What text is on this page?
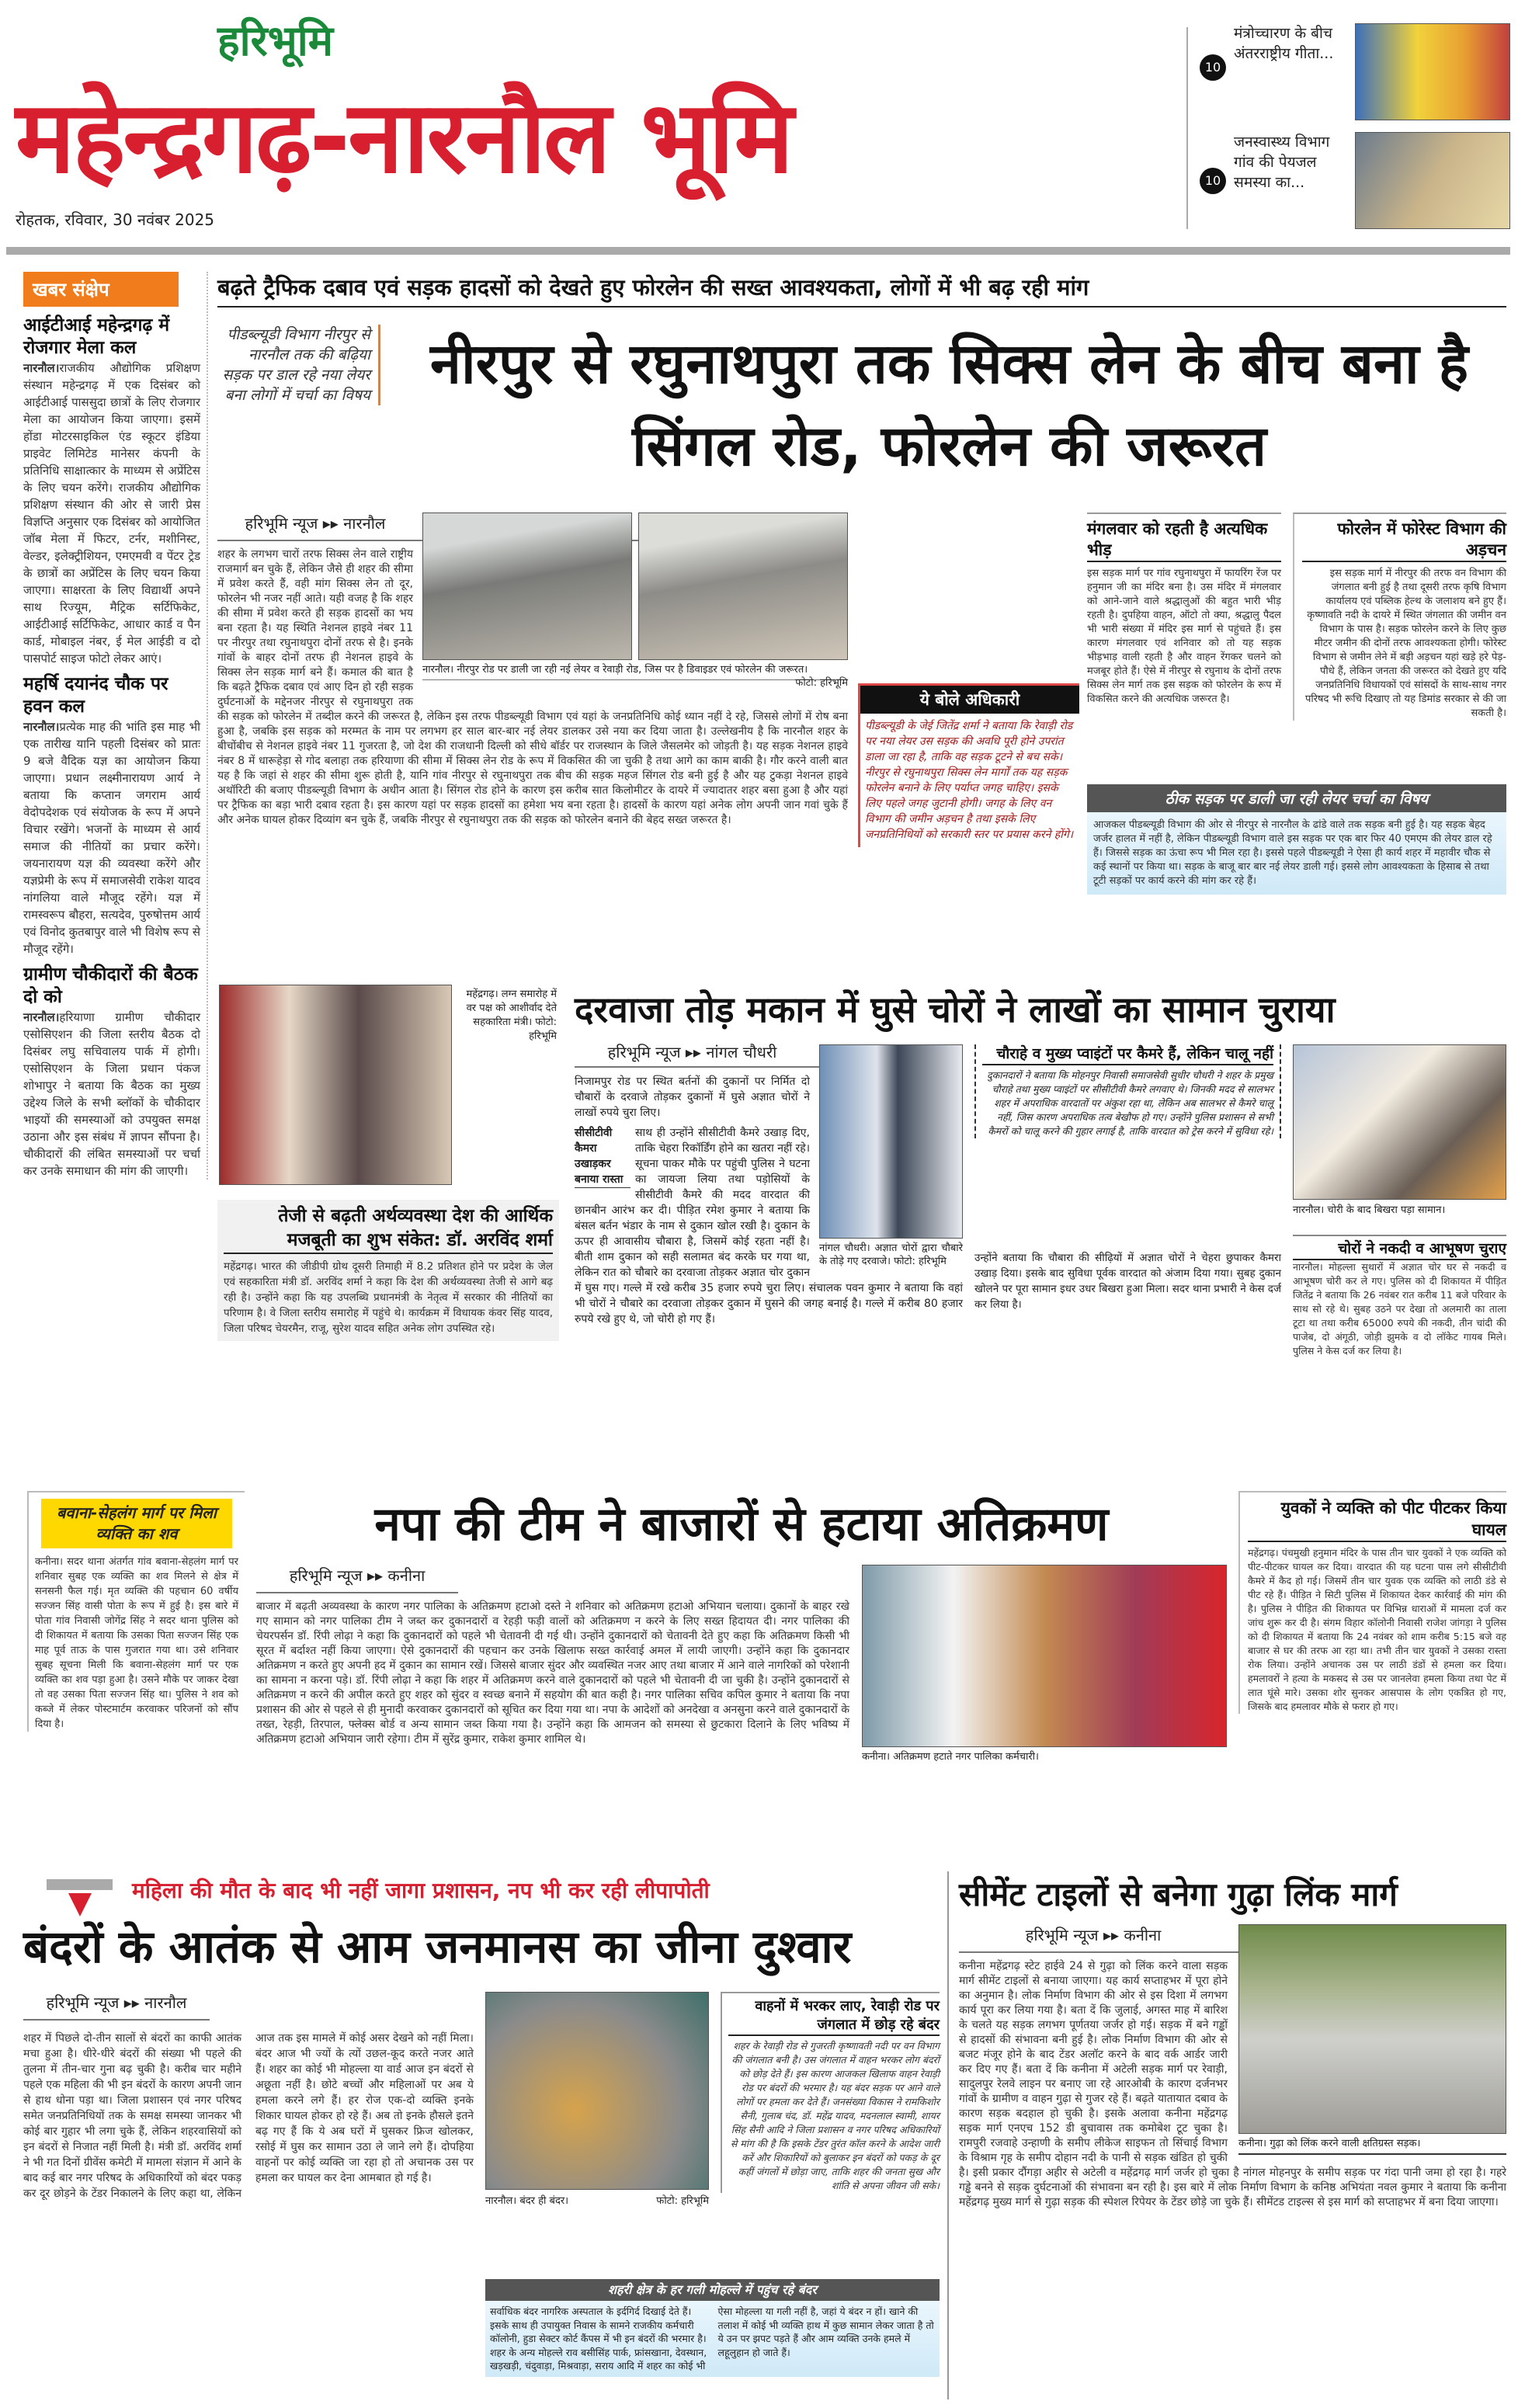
हरिभूमि
महेन्द्रगढ़-नारनौल भूमि
रोहतक, रविवार, 30 नवंबर 2025
10
मंत्रोच्चारण के बीच अंतरराष्ट्रीय गीता...
10
जनस्वास्थ्य विभाग गांव की पेयजल समस्या का...
खबर संक्षेप
आईटीआई महेन्द्रगढ़ में रोजगार मेला कल

नारनौल।राजकीय औद्योगिक प्रशिक्षण संस्थान महेन्द्रगढ़ में एक दिसंबर को आईटीआई पाससुदा छात्रों के लिए रोजगार मेला का आयोजन किया जाएगा। इसमें होंडा मोटरसाइकिल एंड स्कूटर इंडिया प्राइवेट लिमिटेड मानेसर कंपनी के प्रतिनिधि साक्षात्कार के माध्यम से अप्रेंटिस के लिए चयन करेंगे। राजकीय औद्योगिक प्रशिक्षण संस्थान की ओर से जारी प्रेस विज्ञप्ति अनुसार एक दिसंबर को आयोजित जॉब मेला में फिटर, टर्नर, मशीनिस्ट, वेल्डर, इलेक्ट्रीशियन, एमएमवी व पेंटर ट्रेड के छात्रों का अप्रेंटिस के लिए चयन किया जाएगा। साक्षरता के लिए विद्यार्थी अपने साथ रिज्यूम, मैट्रिक सर्टिफिकेट, आईटीआई सर्टिफिकेट, आधार कार्ड व पैन कार्ड, मोबाइल नंबर, ई मेल आईडी व दो पासपोर्ट साइज फोटो लेकर आएं।

महर्षि दयानंद चौक पर हवन कल

नारनौल।प्रत्येक माह की भांति इस माह भी एक तारीख यानि पहली दिसंबर को प्रातः 9 बजे वैदिक यज्ञ का आयोजन किया जाएगा। प्रधान लक्ष्मीनारायण आर्य ने बताया कि कप्तान जगराम आर्य वेदोपदेशक एवं संयोजक के रूप में अपने विचार रखेंगे। भजनों के माध्यम से आर्य समाज की नीतियों का प्रचार करेंगे। जयनारायण यज्ञ की व्यवस्था करेंगे और यज्ञप्रेमी के रूप में समाजसेवी राकेश यादव नांगलिया वाले मौजूद रहेंगे। यज्ञ में रामस्वरूप बौहरा, सत्यदेव, पुरुषोत्तम आर्य एवं विनोद कुतबापुर वाले भी विशेष रूप से मौजूद रहेंगे।

ग्रामीण चौकीदारों की बैठक दो को

नारनौल।हरियाणा ग्रामीण चौकीदार एसोसिएशन की जिला स्तरीय बैठक दो दिसंबर लघु सचिवालय पार्क में होगी। एसोसिएशन के जिला प्रधान पंकज शोभापुर ने बताया कि बैठक का मुख्य उद्देश्य जिले के सभी ब्लॉकों के चौकीदार भाइयों की समस्याओं को उपयुक्त समक्ष उठाना और इस संबंध में ज्ञापन सौंपना है। चौकीदारों की लंबित समस्याओं पर चर्चा कर उनके समाधान की मांग की जाएगी।

बढ़ते ट्रैफिक दबाव एवं सड़क हादसों को देखते हुए फोरलेन की सख्त आवश्यकता, लोगों में भी बढ़ रही मांग
पीडब्ल्यूडी विभाग नीरपुर से नारनौल तक की बढ़िया सड़क पर डाल रहे नया लेयर बना लोगों में चर्चा का विषय	नीरपुर से रघुनाथपुरा तक सिक्स लेन के बीच बना है सिंगल रोड, फोरलेन की जरूरत
नारनौल। नीरपुर रोड पर डाली जा रही नई लेयर व रेवाड़ी रोड, जिस पर है डिवाइडर एवं फोरलेन की जरूरत।
फोटो: हरिभूमि
हरिभूमि न्यूज ▸▸ नारनौल

शहर के लगभग चारों तरफ सिक्स लेन वाले राष्ट्रीय राजमार्ग बन चुके हैं, लेकिन जैसे ही शहर की सीमा में प्रवेश करते हैं, वही मांग सिक्स लेन तो दूर, फोरलेन भी नजर नहीं आते। यही वजह है कि शहर की सीमा में प्रवेश करते ही सड़क हादसों का भय बना रहता है। यह स्थिति नेशनल हाइवे नंबर 11 पर नीरपुर तथा रघुनाथपुरा दोनों तरफ से है। इनके गांवों के बाहर दोनों तरफ ही नेशनल हाइवे के सिक्स लेन सड़क मार्ग बने हैं। कमाल की बात है कि बढ़ते ट्रैफिक दबाव एवं आए दिन हो रही सड़क दुर्घटनाओं के मद्देनजर नीरपुर से रघुनाथपुरा तक की सड़क को फोरलेन में तब्दील करने की जरूरत है, लेकिन इस तरफ पीडब्ल्यूडी विभाग एवं यहां के जनप्रतिनिधि कोई ध्यान नहीं दे रहे, जिससे लोगों में रोष बना हुआ है, जबकि इस सड़क को मरम्मत के नाम पर लगभग हर साल बार-बार नई लेयर डालकर उसे नया कर दिया जाता है। उल्लेखनीय है कि नारनौल शहर के बीचोंबीच से नेशनल हाइवे नंबर 11 गुजरता है, जो देश की राजधानी दिल्ली को सीधे बॉर्डर पर राजस्थान के जिले जैसलमेर को जोड़ती है। यह सड़क नेशनल हाइवे नंबर 8 में धारूहेड़ा से गोद बलाहा तक हरियाणा की सीमा में सिक्स लेन रोड के रूप में विकसित की जा चुकी है तथा आगे का काम बाकी है। गौर करने वाली बात यह है कि जहां से शहर की सीमा शुरू होती है, यानि गांव नीरपुर से रघुनाथपुरा तक बीच की सड़क महज सिंगल रोड बनी हुई है और यह टुकड़ा नेशनल हाइवे अथॉरिटी की बजाए पीडब्ल्यूडी विभाग के अधीन आता है। सिंगल रोड होने के कारण इस करीब सात किलोमीटर के दायरे में ज्यादातर शहर बसा हुआ है और यहां पर ट्रैफिक का बड़ा भारी दबाव रहता है। इस कारण यहां पर सड़क हादसों का हमेशा भय बना रहता है। हादसों के कारण यहां अनेक लोग अपनी जान गवां चुके हैं और अनेक घायल होकर दिव्यांग बन चुके हैं, जबकि नीरपुर से रघुनाथपुरा तक की सड़क को फोरलेन बनाने की बेहद सख्त जरूरत है।

मंगलवार को रहती है अत्यधिक भीड़

इस सड़क मार्ग पर गांव रघुनाथपुरा में फायरिंग रेंज पर हनुमान जी का मंदिर बना है। उस मंदिर में मंगलवार को आने-जाने वाले श्रद्धालुओं की बहुत भारी भीड़ रहती है। दुपहिया वाहन, ऑटो तो क्या, श्रद्धालु पैदल भी भारी संख्या में मंदिर इस मार्ग से पहुंचते हैं। इस कारण मंगलवार एवं शनिवार को तो यह सड़क भीड़भाड़ वाली रहती है और वाहन रेंगकर चलने को मजबूर होते हैं। ऐसे में नीरपुर से रघुनाथ के दोनों तरफ सिक्स लेन मार्ग तक इस सड़क को फोरलेन के रूप में विकसित करने की अत्यधिक जरूरत है।

फोरलेन में फोरेस्ट विभाग की अड़चन

इस सड़क मार्ग में नीरपुर की तरफ वन विभाग की जंगलात बनी हुई है तथा दूसरी तरफ कृषि विभाग कार्यालय एवं पब्लिक हेल्थ के जलाशय बने हुए हैं। कृष्णावति नदी के दायरे में स्थित जंगलात की जमीन वन विभाग के पास है। सड़क फोरलेन करने के लिए कुछ मीटर जमीन की दोनों तरफ आवश्यकता होगी। फोरेस्ट विभाग से जमीन लेने में बड़ी अड़चन यहां खड़े हरे पेड़-पौधे हैं, लेकिन जनता की जरूरत को देखते हुए यदि जनप्रतिनिधि विधायकों एवं सांसदों के साथ-साथ नगर परिषद भी रूचि दिखाए तो यह डिमांड सरकार से की जा सकती है।

ये बोले अधिकारी

पीडब्ल्यूडी के जेई जितेंद्र शर्मा ने बताया कि रेवाड़ी रोड पर नया लेयर उस सड़क की अवधि पूरी होने उपरांत डाला जा रहा है, ताकि वह सड़क टूटने से बच सके। नीरपुर से रघुनाथपुरा सिक्स लेन मार्गों तक यह सड़क फोरलेन बनाने के लिए पर्याप्त जगह चाहिए। इसके लिए पहले जगह जुटानी होगी। जगह के लिए वन विभाग की जमीन अड़चन है तथा इसके लिए जनप्रतिनिधियों को सरकारी स्तर पर प्रयास करने होंगे।

ठीक सड़क पर डाली जा रही लेयर चर्चा का विषय

आजकल पीडब्ल्यूडी विभाग की ओर से नीरपुर से नारनौल के ढांडे वाले तक सड़क बनी हुई है। यह सड़क बेहद जर्जर हालत में नहीं है, लेकिन पीडब्ल्यूडी विभाग वाले इस सड़क पर एक बार फिर 40 एमएम की लेयर डाल रहे हैं। जिससे सड़क का ऊंचा रूप भी मिल रहा है। इससे पहले पीडब्ल्यूडी ने ऐसा ही कार्य शहर में महावीर चौक से कई स्थानों पर किया था। सड़क के बाजू बार बार नई लेयर डाली गई। इससे लोग आवश्यकता के हिसाब से तथा टूटी सड़कों पर कार्य करने की मांग कर रहे हैं।

महेंद्रगढ़। लग्न समारोह में वर पक्ष को आशीर्वाद देते सहकारिता मंत्री। फोटो: हरिभूमि
तेजी से बढ़ती अर्थव्यवस्था देश की आर्थिक मजबूती का शुभ संकेत: डॉ. अरविंद शर्मा

महेंद्रगढ़। भारत की जीडीपी ग्रोथ दूसरी तिमाही में 8.2 प्रतिशत होने पर प्रदेश के जेल एवं सहकारिता मंत्री डॉ. अरविंद शर्मा ने कहा कि देश की अर्थव्यवस्था तेजी से आगे बढ़ रही है। उन्होंने कहा कि यह उपलब्धि प्रधानमंत्री के नेतृत्व में सरकार की नीतियों का परिणाम है। वे जिला स्तरीय समारोह में पहुंचे थे। कार्यक्रम में विधायक कंवर सिंह यादव, जिला परिषद चेयरमैन, राजू, सुरेश यादव सहित अनेक लोग उपस्थित रहे।

दरवाजा तोड़ मकान में घुसे चोरों ने लाखों का सामान चुराया
नांगल चौधरी। अज्ञात चोरों द्वारा चौबारे के तोड़े गए दरवाजे। फोटो: हरिभूमि
हरिभूमि न्यूज ▸▸ नांगल चौधरी

निजामपुर रोड पर स्थित बर्तनों की दुकानों पर निर्मित दो चौबारों के दरवाजे तोड़कर दुकानों में घुसे अज्ञात चोरों ने लाखों रुपये चुरा लिए।

सीसीटीवी कैमरा उखाड़कर बनाया रास्ता

साथ ही उन्होंने सीसीटीवी कैमरे उखाड़ दिए, ताकि चेहरा रिकॉर्डिंग होने का खतरा नहीं रहे। सूचना पाकर मौके पर पहुंची पुलिस ने घटना का जायजा लिया तथा पड़ोसियों के सीसीटीवी कैमरे की मदद वारदात की छानबीन आरंभ कर दी। पीड़ित रमेश कुमार ने बताया कि बंसल बर्तन भंडार के नाम से दुकान खोल रखी है। दुकान के ऊपर ही आवासीय चौबारा है, जिसमें कोई रहता नहीं है। बीती शाम दुकान को सही सलामत बंद करके घर गया था, लेकिन रात को चौबारे का दरवाजा तोड़कर अज्ञात चोर दुकान में घुस गए। गल्ले में रखे करीब 35 हजार रुपये चुरा लिए। संचालक पवन कुमार ने बताया कि वहां भी चोरों ने चौबारे का दरवाजा तोड़कर दुकान में घुसने की जगह बनाई है। गल्ले में करीब 80 हजार रुपये रखे हुए थे, जो चोरी हो गए हैं।

चौराहे व मुख्य प्वाइंटों पर कैमरे हैं, लेकिन चालू नहीं

दुकानदारों ने बताया कि मोहनपुर निवासी समाजसेवी सुधीर चौधरी ने शहर के प्रमुख चौराहे तथा मुख्य प्वाइंटों पर सीसीटीवी कैमरे लगवाए थे। जिनकी मदद से सालभर शहर में अपराधिक वारदातों पर अंकुश रहा था, लेकिन अब सालभर से कैमरे चालू नहीं, जिस कारण अपराधिक तत्व बेखौफ हो गए। उन्होंने पुलिस प्रशासन से सभी कैमरों को चालू करने की गुहार लगाई है, ताकि वारदात को ट्रेस करने में सुविधा रहे।

उन्होंने बताया कि चौबारा की सीढ़ियों में अज्ञात चोरों ने चेहरा छुपाकर कैमरा उखाड़ दिया। इसके बाद सुविधा पूर्वक वारदात को अंजाम दिया गया। सुबह दुकान खोलने पर पूरा सामान इधर उधर बिखरा हुआ मिला। सदर थाना प्रभारी ने केस दर्ज कर लिया है।

नारनौल। चोरी के बाद बिखरा पड़ा सामान।
चोरों ने नकदी व आभूषण चुराए

नारनौल। मोहल्ला सुथारों में अज्ञात चोर घर से नकदी व आभूषण चोरी कर ले गए। पुलिस को दी शिकायत में पीड़ित जितेंद्र ने बताया कि 26 नवंबर रात करीब 11 बजे परिवार के साथ सो रहे थे। सुबह उठने पर देखा तो अलमारी का ताला टूटा था तथा करीब 65000 रुपये की नकदी, तीन चांदी की पाजेब, दो अंगूठी, जोड़ी झुमके व दो लॉकेट गायब मिले। पुलिस ने केस दर्ज कर लिया है।

बवाना-सेहलंग मार्ग पर मिला व्यक्ति का शव

कनीना। सदर थाना अंतर्गत गांव बवाना-सेहलंग मार्ग पर शनिवार सुबह एक व्यक्ति का शव मिलने से क्षेत्र में सनसनी फैल गई। मृत व्यक्ति की पहचान 60 वर्षीय सज्जन सिंह वासी पोता के रूप में हुई है। इस बारे में पोता गांव निवासी जोगेंद्र सिंह ने सदर थाना पुलिस को दी शिकायत में बताया कि उसका पिता सज्जन सिंह एक माह पूर्व ताऊ के पास गुजरात गया था। उसे शनिवार सुबह सूचना मिली कि बवाना-सेहलंग मार्ग पर एक व्यक्ति का शव पड़ा हुआ है। उसने मौके पर जाकर देखा तो वह उसका पिता सज्जन सिंह था। पुलिस ने शव को कब्जे में लेकर पोस्टमार्टम करवाकर परिजनों को सौंप दिया है।

नपा की टीम ने बाजारों से हटाया अतिक्रमण
कनीना। अतिक्रमण हटाते नगर पालिका कर्मचारी।
हरिभूमि न्यूज ▸▸ कनीना

बाजार में बढ़ती अव्यवस्था के कारण नगर पालिका के अतिक्रमण हटाओ दस्ते ने शनिवार को अतिक्रमण हटाओ अभियान चलाया। दुकानों के बाहर रखे गए सामान को नगर पालिका टीम ने जब्त कर दुकानदारों व रेहड़ी फड़ी वालों को अतिक्रमण न करने के लिए सख्त हिदायत दी। नगर पालिका की चेयरपर्सन डॉ. रिंपी लोढ़ा ने कहा कि दुकानदारों को पहले भी चेतावनी दी गई थी। उन्होंने दुकानदारों को चेतावनी देते हुए कहा कि अतिक्रमण किसी भी सूरत में बर्दाश्त नहीं किया जाएगा। ऐसे दुकानदारों की पहचान कर उनके खिलाफ सख्त कार्रवाई अमल में लायी जाएगी। उन्होंने कहा कि दुकानदार अतिक्रमण न करते हुए अपनी हद में दुकान का सामान रखें। जिससे बाजार सुंदर और व्यवस्थित नजर आए तथा बाजार में आने वाले नागरिकों को परेशानी का सामना न करना पड़े। डॉ. रिंपी लोढ़ा ने कहा कि शहर में अतिक्रमण करने वाले दुकानदारों को पहले भी चेतावनी दी जा चुकी है। उन्होंने दुकानदारों से अतिक्रमण न करने की अपील करते हुए शहर को सुंदर व स्वच्छ बनाने में सहयोग की बात कही है। नगर पालिका सचिव कपिल कुमार ने बताया कि नपा प्रशासन की ओर से पहले से ही मुनादी करवाकर दुकानदारों को सूचित कर दिया गया था। नपा के आदेशों को अनदेखा व अनसुना करने वाले दुकानदारों के तख्त, रेहड़ी, तिरपाल, फ्लेक्स बोर्ड व अन्य सामान जब्त किया गया है। उन्होंने कहा कि आमजन को समस्या से छुटकारा दिलाने के लिए भविष्य में अतिक्रमण हटाओ अभियान जारी रहेगा। टीम में सुरेंद्र कुमार, राकेश कुमार शामिल थे।

युवकों ने व्यक्ति को पीट पीटकर किया घायल

महेंद्रगढ़। पंचमुखी हनुमान मंदिर के पास तीन चार युवकों ने एक व्यक्ति को पीट-पीटकर घायल कर दिया। वारदात की यह घटना पास लगे सीसीटीवी कैमरे में कैद हो गई। जिसमें तीन चार युवक एक व्यक्ति को लाठी डंडे से पीट रहे हैं। पीड़ित ने सिटी पुलिस में शिकायत देकर कार्रवाई की मांग की है। पुलिस ने पीड़ित की शिकायत पर विभिन्न धाराओं में मामला दर्ज कर जांच शुरू कर दी है। संगम विहार कॉलोनी निवासी राजेश जांगड़ा ने पुलिस को दी शिकायत में बताया कि 24 नवंबर को शाम करीब 5:15 बजे वह बाजार से घर की तरफ आ रहा था। तभी तीन चार युवकों ने उसका रास्ता रोक लिया। उन्होंने अचानक उस पर लाठी डंडों से हमला कर दिया। हमलावरों ने हत्या के मकसद से उस पर जानलेवा हमला किया तथा पेट में लात घूंसे मारे। उसका शोर सुनकर आसपास के लोग एकत्रित हो गए, जिसके बाद हमलावर मौके से फरार हो गए।

महिला की मौत के बाद भी नहीं जागा प्रशासन, नप भी कर रही लीपापोती
बंदरों के आतंक से आम जनमानस का जीना दुश्वार
हरिभूमि न्यूज ▸▸ नारनौल
शहर में पिछले दो-तीन सालों से बंदरों का काफी आतंक मचा हुआ है। धीरे-धीरे बंदरों की संख्या भी पहले की तुलना में तीन-चार गुना बढ़ चुकी है। करीब चार महीने पहले एक महिला की भी इन बंदरों के कारण अपनी जान से हाथ धोना पड़ा था। जिला प्रशासन एवं नगर परिषद समेत जनप्रतिनिधियों तक के समक्ष समस्या जानकर भी कोई बार गुहार भी लगा चुके हैं, लेकिन शहरवासियों को इन बंदरों से निजात नहीं मिली है। मंत्री डॉ. अरविंद शर्मा ने भी गत दिनों ग्रीवेंस कमेटी में मामला संज्ञान में आने के बाद कई बार नगर परिषद के अधिकारियों को बंदर पकड़ कर दूर छोड़ने के टेंडर निकालने के लिए कहा था, लेकिन आज तक इस मामले में कोई असर देखने को नहीं मिला। बंदर आज भी ज्यों के त्यों उछल-कूद करते नजर आते हैं। शहर का कोई भी मोहल्ला या वार्ड आज इन बंदरों से अछूता नहीं है। छोटे बच्चों और महिलाओं पर अब ये हमला करने लगे हैं। हर रोज एक-दो व्यक्ति इनके शिकार घायल होकर हो रहे हैं। अब तो इनके हौसले इतने बढ़ गए हैं कि ये अब घरों में घुसकर फ्रिज खोलकर, रसोई में घुस कर सामान उठा ले जाने लगे हैं। दोपहिया वाहनों पर कोई व्यक्ति जा रहा हो तो अचानक उस पर हमला कर घायल कर देना आमबात हो गई है।
नारनौल। बंदर ही बंदर।	फोटो: हरिभूमि
वाहनों में भरकर लाए, रेवाड़ी रोड पर जंगलात में छोड़ रहे बंदर

शहर के रेवाड़ी रोड से गुजरती कृष्णावती नदी पर वन विभाग की जंगलात बनी है। उस जंगलात में वाहन भरकर लोग बंदरों को छोड़ देते हैं। इस कारण आजकल खिलाफ वाहन रेवाड़ी रोड पर बंदरों की भरमार है। यह बंदर सड़क पर आने वाले लोगों पर हमला कर देते हैं। जनसंख्या विकास ने रामकिशोर सैनी, गुलाब चंद, डॉ. महेंद्र यादव, मदनलाल स्वामी, शायर सिंह सैनी आदि ने जिला प्रशासन व नगर परिषद अधिकारियों से मांग की है कि इसके टेंडर तुरंत कॉल करने के आदेश जारी करें और शिकारियों को बुलाकर इन बंदरों को पकड़ के दूर कहीं जंगलों में छोड़ा जाए, ताकि शहर की जनता सुख और शांति से अपना जीवन जी सके।

शहरी क्षेत्र के हर गली मोहल्ले में पहुंच रहे बंदर

सर्वाधिक बंदर नागरिक अस्पताल के इर्दगिर्द दिखाई देते हैं। इसके साथ ही उपायुक्त निवास के सामने राजकीय कर्मचारी कॉलोनी, हुडा सेक्टर कोर्ट कैंपस में भी इन बंदरों की भरमार है। शहर के अन्य मोहल्ले राव बसीसिंह पार्क, फ्रांसखाना, देवस्थान, खड़खड़ी, चंदुवाड़ा, मिश्रवाड़ा, सराय आदि में शहर का कोई भी ऐसा मोहल्ला या गली नहीं है, जहां ये बंदर न हों। खाने की तलाश में कोई भी व्यक्ति हाथ में कुछ सामान लेकर जाता है तो ये उन पर झपट पड़ते हैं और आम व्यक्ति उनके हमले में लहूलुहान हो जाते हैं।

सीमेंट टाइलों से बनेगा गुढ़ा लिंक मार्ग
कनीना। गुढ़ा को लिंक करने वाली क्षतिग्रस्त सड़क।
हरिभूमि न्यूज ▸▸ कनीना

कनीना महेंद्रगढ़ स्टेट हाईवे 24 से गुढ़ा को लिंक करने वाला सड़क मार्ग सीमेंट टाइलों से बनाया जाएगा। यह कार्य सप्ताहभर में पूरा होने का अनुमान है। लोक निर्माण विभाग की ओर से इस दिशा में लगभग कार्य पूरा कर लिया गया है। बता दें कि जुलाई, अगस्त माह में बारिश के चलते यह सड़क लगभग पूर्णतया जर्जर हो गई। सड़क में बने गड्ढों से हादसों की संभावना बनी हुई है। लोक निर्माण विभाग की ओर से बजट मंजूर होने के बाद टेंडर अलॉट करने के बाद वर्क आर्डर जारी कर दिए गए हैं। बता दें कि कनीना में अटेली सड़क मार्ग पर रेवाड़ी, सादुलपुर रेलवे लाइन पर बनाए जा रहे आरओबी के कारण दर्जनभर गांवों के ग्रामीण व वाहन गुढ़ा से गुजर रहे हैं। बढ़ते यातायात दबाव के कारण सड़क बदहाल हो चुकी है। इसके अलावा कनीना महेंद्रगढ़ सड़क मार्ग एनएच 152 डी बुचावास तक कमोबेश टूट चुका है। रामपुरी रजवाहे उन्हाणी के समीप लीकेज साइफन तो सिंचाई विभाग के विश्राम गृह के समीप दोहान नदी के पानी से सड़क खंडित हो चुकी है। इसी प्रकार दौंगड़ा अहीर से अटेली व महेंद्रगढ़ मार्ग जर्जर हो चुका है नांगल मोहनपुर के समीप सड़क पर गंदा पानी जमा हो रहा है। गहरे गड्ढे बनने से सड़क दुर्घटनाओं की संभावना बन रही है। इस बारे में लोक निर्माण विभाग के कनिष्ठ अभियंता नवल कुमार ने बताया कि कनीना महेंद्रगढ़ मुख्य मार्ग से गुढ़ा सड़क की स्पेशल रिपेयर के टेंडर छोड़े जा चुके हैं। सीमेंटड टाइल्स से इस मार्ग को सप्ताहभर में बना दिया जाएगा।
